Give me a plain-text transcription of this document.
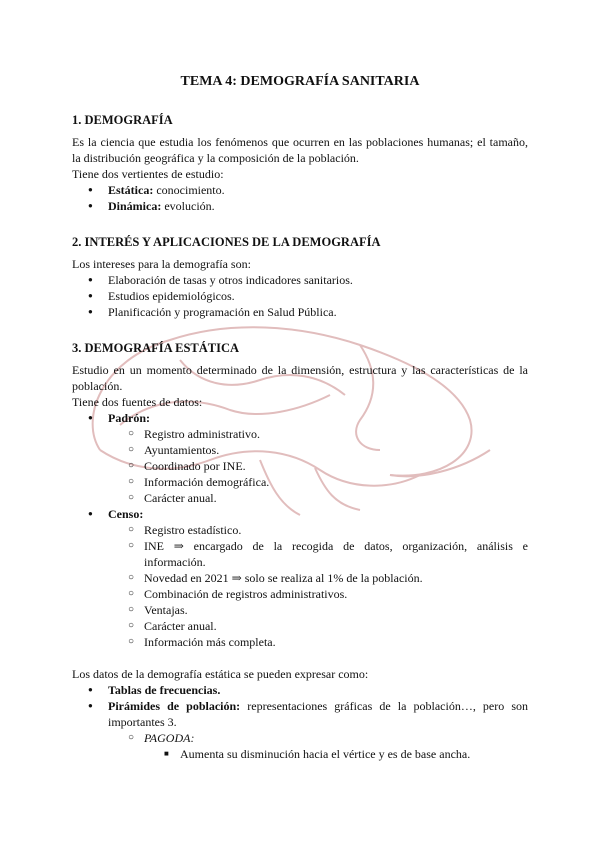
TEMA 4: DEMOGRAFÍA SANITARIA
1. DEMOGRAFÍA
Es la ciencia que estudia los fenómenos que ocurren en las poblaciones humanas; el tamaño,
la distribución geográfica y la composición de la población.
Tiene dos vertientes de estudio:
● Estática: conocimiento.
● Dinámica: evolución.
2. INTERÉS Y APLICACIONES DE LA DEMOGRAFÍA
Los intereses para la demografía son:
● Elaboración de tasas y otros indicadores sanitarios.
● Estudios epidemiológicos.
● Planificación y programación en Salud Pública.
3. DEMOGRAFÍA ESTÁTICA
Estudio en un momento determinado de la dimensión, estructura y las características de la
población.
Tiene dos fuentes de datos:
● Padrón:
○ Registro administrativo.
○ Ayuntamientos.
○ Coordinado por INE.
○ Información demográfica.
○ Carácter anual.
● Censo:
○ Registro estadístico.
○ INE ⇒ encargado de la recogida de datos, organización, análisis e
información.
○ Novedad en 2021 ⇒ solo se realiza al 1% de la población.
○ Combinación de registros administrativos.
○ Ventajas.
○ Carácter anual.
○ Información más completa.
Los datos de la demografía estática se pueden expresar como:
● Tablas de frecuencias.
● Pirámides de población: representaciones gráficas de la población…, pero son
importantes 3.
○ PAGODA:
■ Aumenta su disminución hacia el vértice y es de base ancha.
